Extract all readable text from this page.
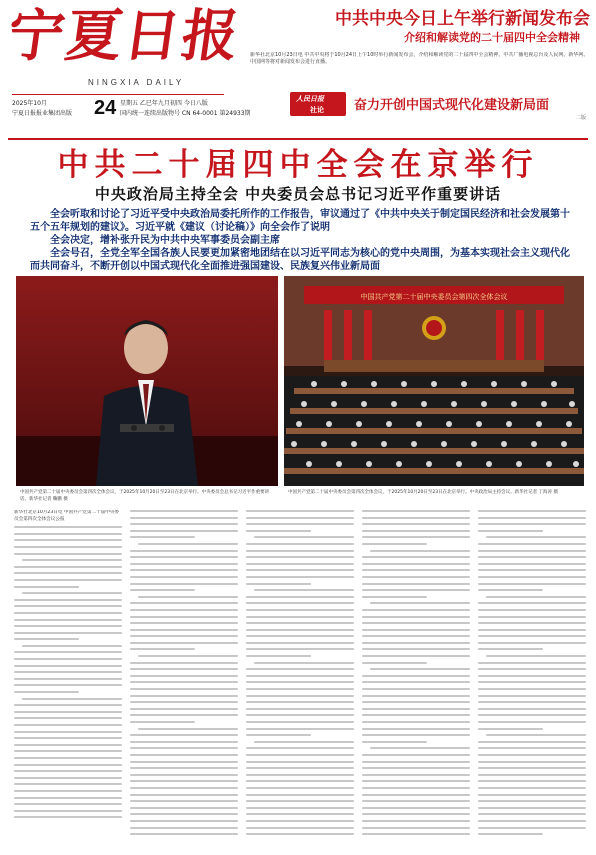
宁夏日报
NINGXIA DAILY
2025年10月
宁夏日报报业集团出版 24 星期五 乙巳年九月初四 今日八版
国内统一连续出版物号 CN 64-0001 第24933期
中共中央今日上午举行新闻发布会
介绍和解读党的二十届四中全会精神
新华社北京10月23日电 中共中央将于10月24日上午10时举行新闻发布会，介绍和解读党的二十届四中全会精神。中共广播电视总台及人民网、新华网、中国网等将对新闻发布会进行直播。
人民日报
社论 奋力开创中国式现代化建设新局面
二版
中共二十届四中全会在京举行
中央政治局主持全会 中央委员会总书记习近平作重要讲话
全会听取和讨论了习近平受中央政治局委托所作的工作报告，审议通过了《中共中央关于制定国民经济和社会发展第十五个五年规划的建议》。习近平就《建议（讨论稿）》向全会作了说明
全会决定，增补张升民为中共中央军事委员会副主席
全会号召，全党全军全国各族人民要更加紧密地团结在以习近平同志为核心的党中央周围，为基本实现社会主义现代化而共同奋斗，不断开创以中国式现代化全面推进强国建设、民族复兴伟业新局面
中国共产党第二十届中央委员会第四次全体会议
中国共产党第二十届中央委员会第四次全体会议，于2025年10月20日至23日在北京举行。中央委员会总书记习近平作重要讲话。新华社记者 鞠鹏 摄
中国共产党第二十届中央委员会第四次全体会议，于2025年10月20日至23日在北京举行。中央政治局主持会议。新华社记者 丁海涛 摄
新华社北京10月23日电 中国共产党第二十届中央委员会第四次全体会议公报
